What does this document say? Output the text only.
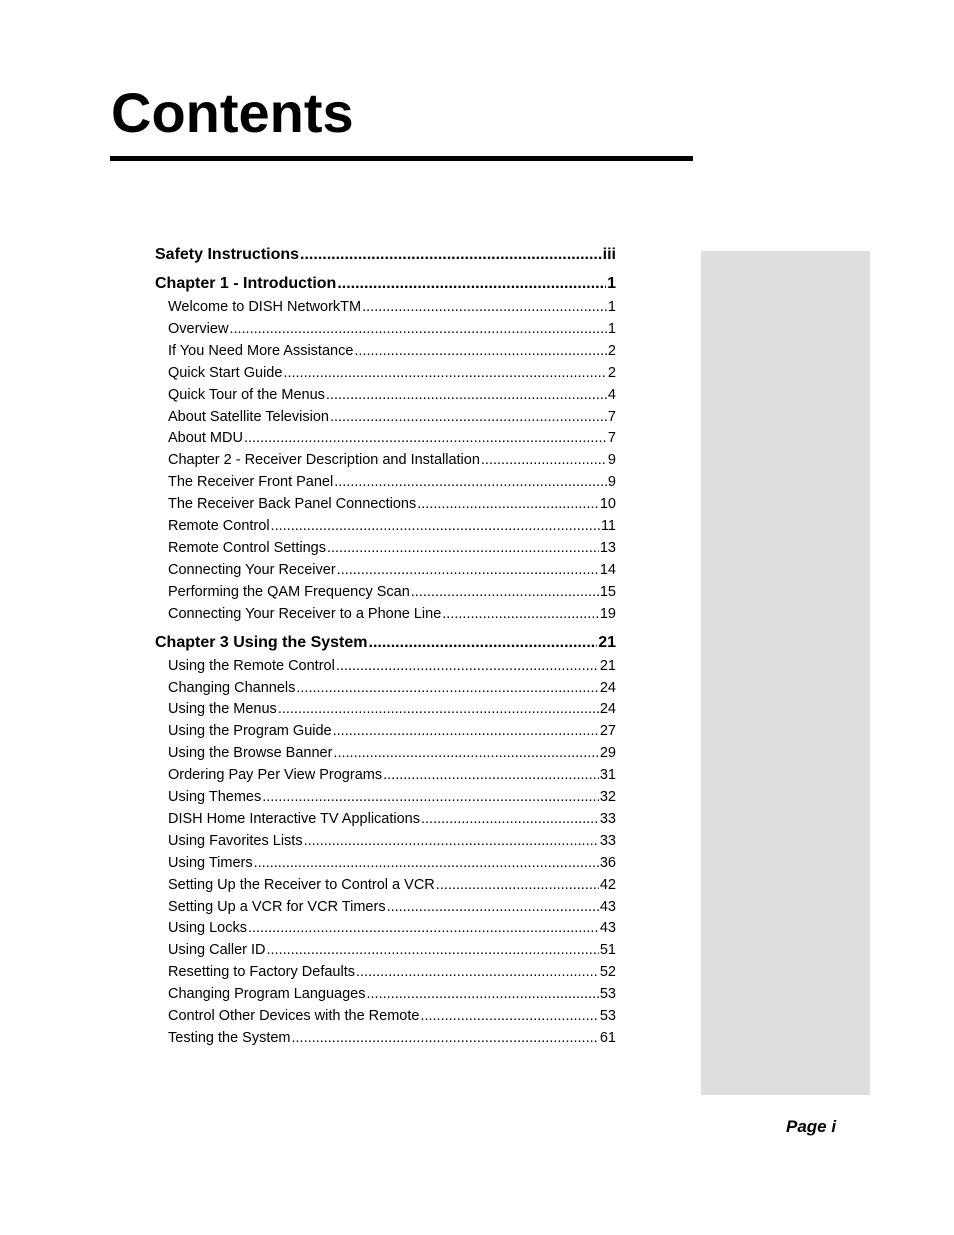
Contents
Safety Instructions .....	iii
Chapter 1 - Introduction .....	1
Welcome to DISH NetworkTM .....	1
Overview .....	1
If You Need More Assistance .....	2
Quick Start Guide .....	2
Quick Tour of the Menus .....	4
About Satellite Television .....	7
About MDU .....	7
Chapter 2 - Receiver Description and Installation .....	9
The Receiver Front Panel .....	9
The Receiver Back Panel Connections .....	10
Remote Control .....	11
Remote Control Settings .....	13
Connecting Your Receiver .....	14
Performing the QAM Frequency Scan .....	15
Connecting Your Receiver to a Phone Line .....	19
Chapter 3 Using the System .....	21
Using the Remote Control .....	21
Changing Channels .....	24
Using the Menus .....	24
Using the Program Guide .....	27
Using the Browse Banner .....	29
Ordering Pay Per View Programs .....	31
Using Themes .....	32
DISH Home Interactive TV Applications .....	33
Using Favorites Lists .....	33
Using Timers .....	36
Setting Up the Receiver to Control a VCR .....	42
Setting Up a VCR for VCR Timers .....	43
Using Locks .....	43
Using Caller ID .....	51
Resetting to Factory Defaults .....	52
Changing Program Languages .....	53
Control Other Devices with the Remote .....	53
Testing the System .....	61
Page i
